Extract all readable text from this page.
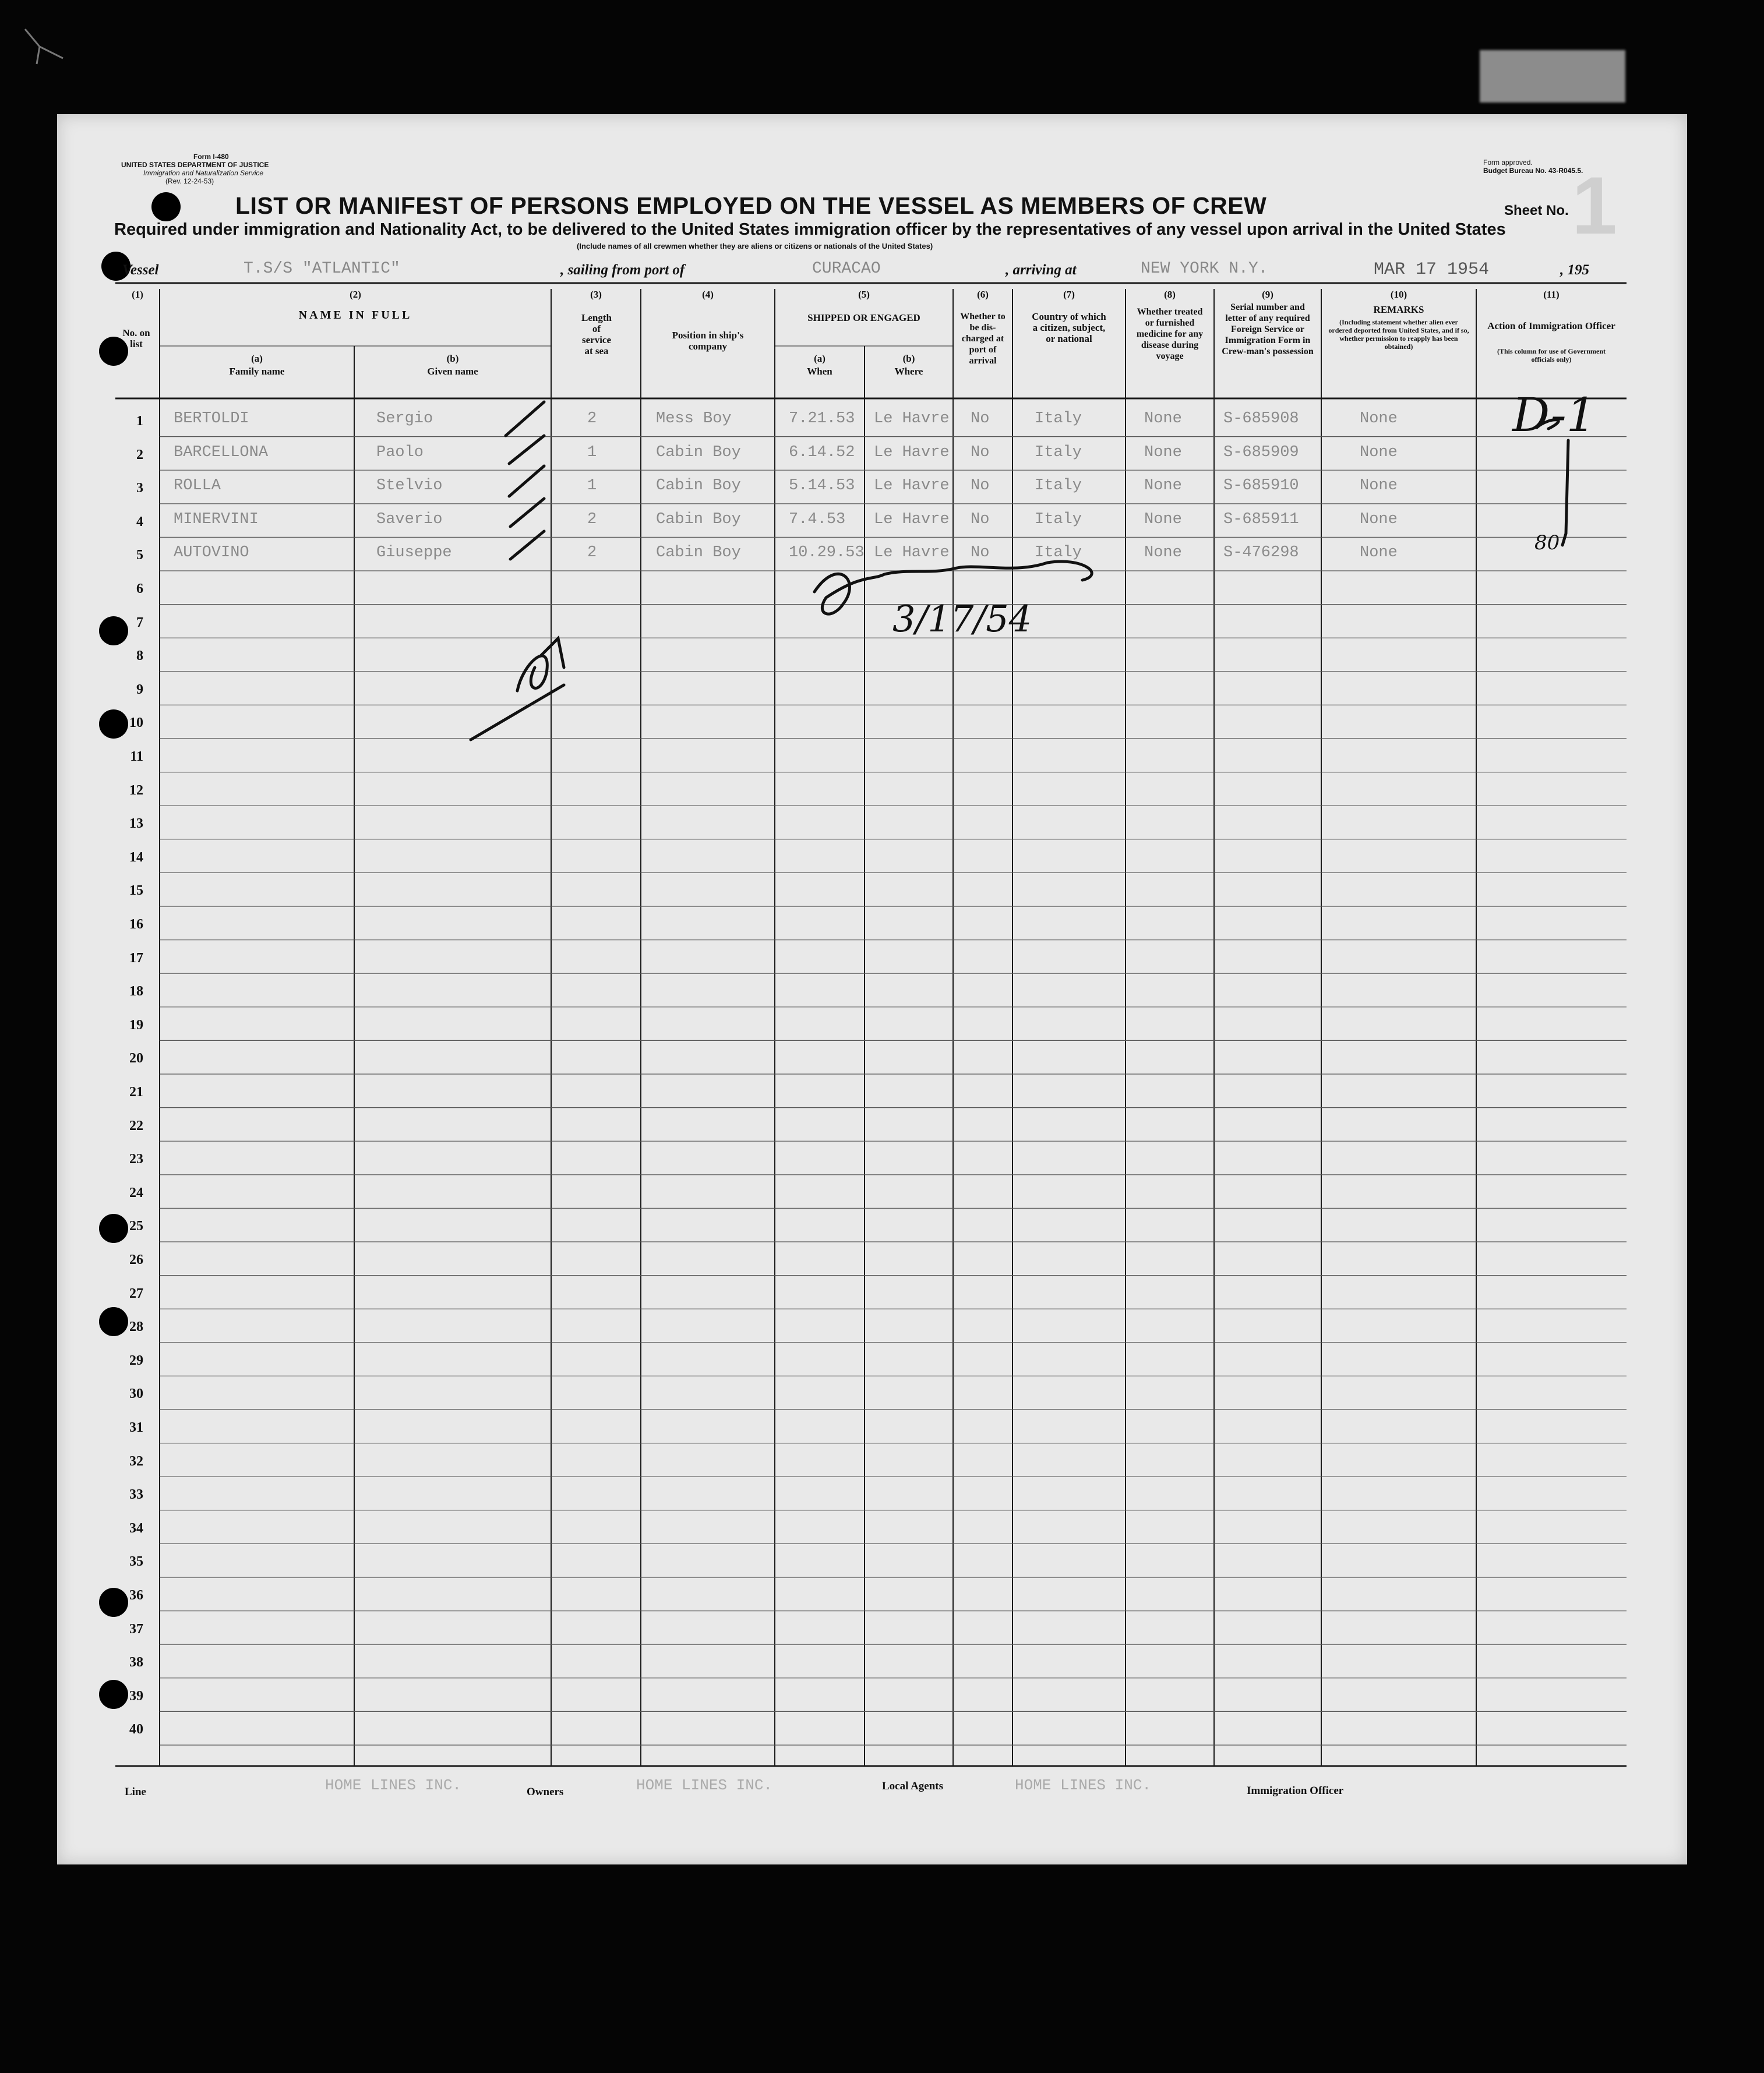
Form I-480
UNITED STATES DEPARTMENT OF JUSTICE
Immigration and Naturalization Service
(Rev. 12-24-53)
Form approved.
Budget Bureau No. 43-R045.5.
LIST OR MANIFEST OF PERSONS EMPLOYED ON THE VESSEL AS MEMBERS OF CREW	Sheet No. 1
Required under immigration and Nationality Act, to be delivered to the United States immigration officer by the representatives of any vessel upon arrival in the United States
(Include names of all crewmen whether they are aliens or citizens or nationals of the United States)
Vessel	T.S/S "ATLANTIC"	, sailing from port of	CURACAO	, arriving at	NEW YORK N.Y.	MAR 17 1954	, 195
(1)
No. on list
(2)
NAME IN FULL
(a)
Family name
(b)
Given name
(3)
Length of service at sea
(4)
Position in ship's company
(5)
SHIPPED OR ENGAGED
(a)
When
(b)
Where
(6)
Whether to be dis-charged at port of arrival
(7)
Country of which a citizen, subject, or national
(8)
Whether treated or furnished medicine for any disease during voyage
(9)
Serial number and letter of any required Foreign Service or Immigration Form in Crew-man's possession
(10)
REMARKS
(Including statement whether alien ever ordered deported from United States, and if so, whether permission to reapply has been obtained)
(11)
Action of Immigration Officer
(This column for use of Government officials only)
1 BERTOLDI	Sergio	2	Mess Boy	7.21.53 Le Havre No	Italy	None	S-685908	None
2 BARCELLONA	Paolo	1	Cabin Boy	6.14.52 Le Havre No	Italy	None	S-685909	None
3 ROLLA	Stelvio	1	Cabin Boy	5.14.53 Le Havre No	Italy	None	S-685910	None
4 MINERVINI	Saverio	2	Cabin Boy	7.4.53 Le Havre No	Italy	None	S-685911	None
5 AUTOVINO	Giuseppe	2	Cabin Boy	10.29.53 Le Havre No	Italy	None	S-476298	None
6
7
8
9
10
11
12
13
14
15
16
17
18
19
20
21
22
23
24
25
26
27
28
29
30
31
32
33
34
35
36
37
38
39
40
D-1
80
3/17/54
Line	HOME LINES INC.	Owners	HOME LINES INC.	Local Agents	HOME LINES INC.	Immigration Officer
